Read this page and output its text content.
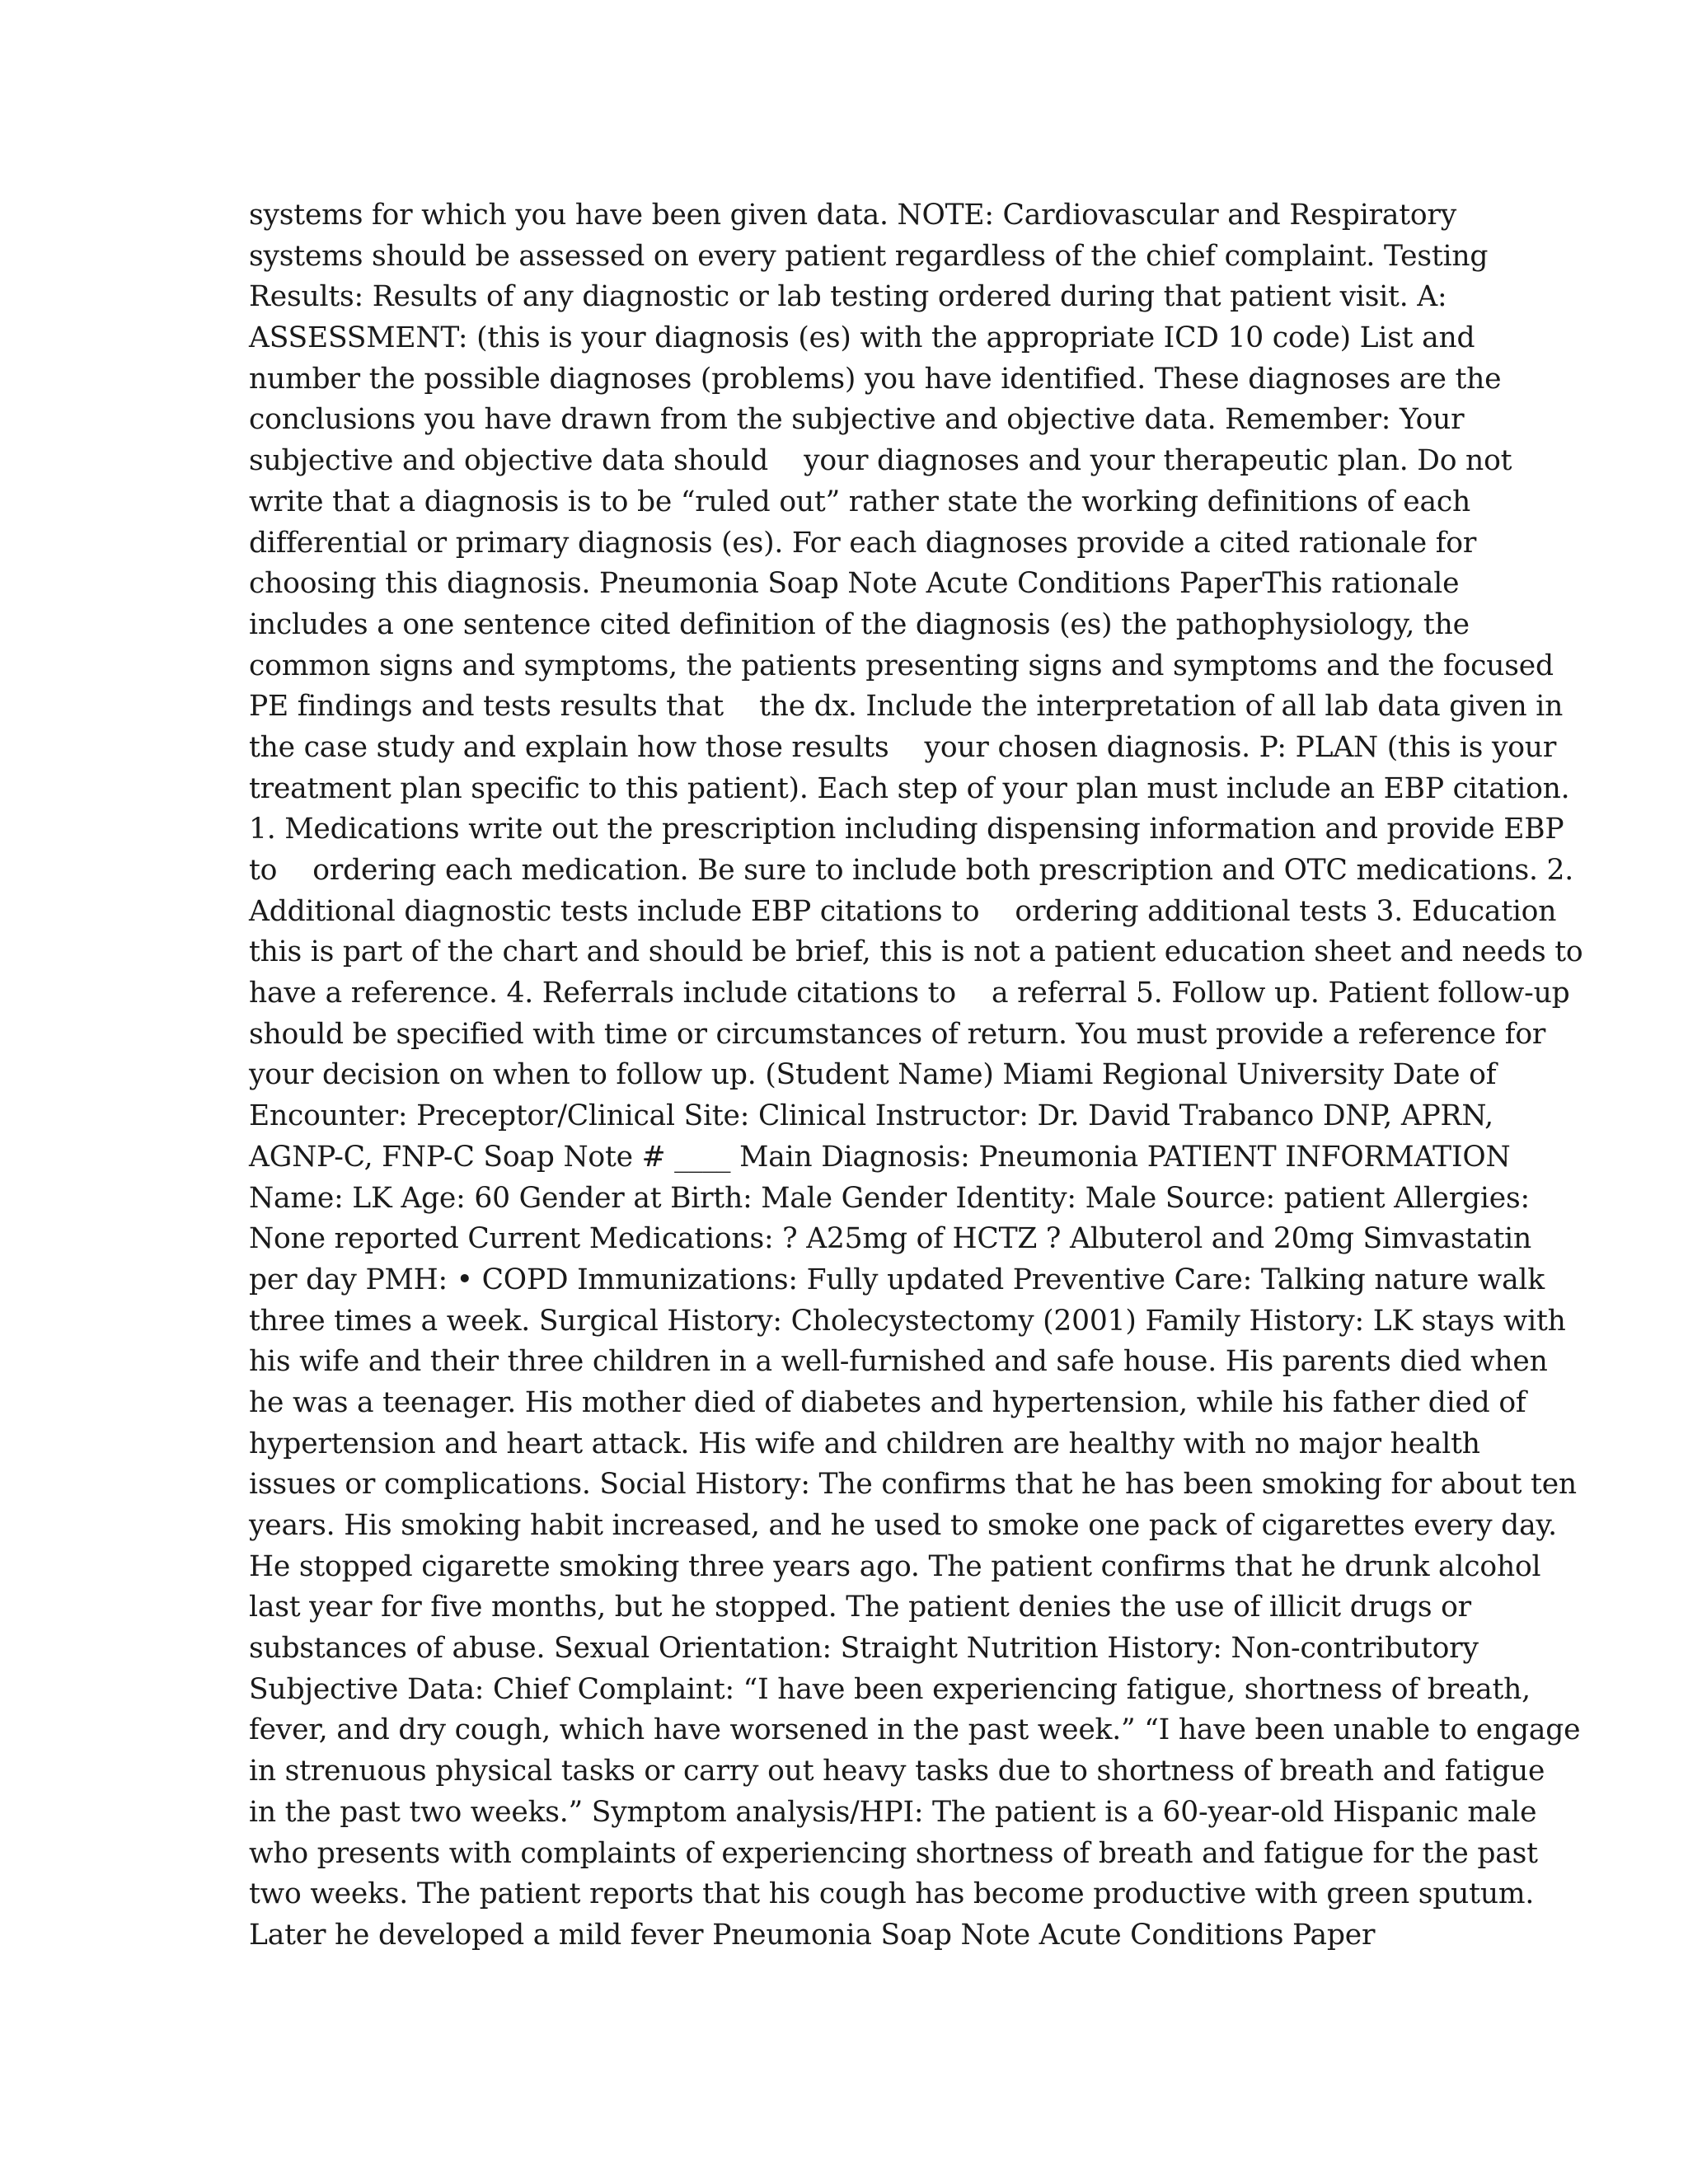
systems for which you have been given data. NOTE: Cardiovascular and Respiratory
systems should be assessed on every patient regardless of the chief complaint. Testing
Results: Results of any diagnostic or lab testing ordered during that patient visit. A:
ASSESSMENT: (this is your diagnosis (es) with the appropriate ICD 10 code) List and
number the possible diagnoses (problems) you have identified. These diagnoses are the
conclusions you have drawn from the subjective and objective data. Remember: Your
subjective and objective data should    your diagnoses and your therapeutic plan. Do not
write that a diagnosis is to be “ruled out” rather state the working definitions of each
differential or primary diagnosis (es). For each diagnoses provide a cited rationale for
choosing this diagnosis. Pneumonia Soap Note Acute Conditions PaperThis rationale
includes a one sentence cited definition of the diagnosis (es) the pathophysiology, the
common signs and symptoms, the patients presenting signs and symptoms and the focused
PE findings and tests results that    the dx. Include the interpretation of all lab data given in
the case study and explain how those results    your chosen diagnosis. P: PLAN (this is your
treatment plan specific to this patient). Each step of your plan must include an EBP citation.
1. Medications write out the prescription including dispensing information and provide EBP
to    ordering each medication. Be sure to include both prescription and OTC medications. 2.
Additional diagnostic tests include EBP citations to    ordering additional tests 3. Education
this is part of the chart and should be brief, this is not a patient education sheet and needs to
have a reference. 4. Referrals include citations to    a referral 5. Follow up. Patient follow-up
should be specified with time or circumstances of return. You must provide a reference for
your decision on when to follow up. (Student Name) Miami Regional University Date of
Encounter: Preceptor/Clinical Site: Clinical Instructor: Dr. David Trabanco DNP, APRN,
AGNP-C, FNP-C Soap Note # ____ Main Diagnosis: Pneumonia PATIENT INFORMATION
Name: LK Age: 60 Gender at Birth: Male Gender Identity: Male Source: patient Allergies:
None reported Current Medications: ? A25mg of HCTZ ? Albuterol and 20mg Simvastatin
per day PMH: • COPD Immunizations: Fully updated Preventive Care: Talking nature walk
three times a week. Surgical History: Cholecystectomy (2001) Family History: LK stays with
his wife and their three children in a well-furnished and safe house. His parents died when
he was a teenager. His mother died of diabetes and hypertension, while his father died of
hypertension and heart attack. His wife and children are healthy with no major health
issues or complications. Social History: The confirms that he has been smoking for about ten
years. His smoking habit increased, and he used to smoke one pack of cigarettes every day.
He stopped cigarette smoking three years ago. The patient confirms that he drunk alcohol
last year for five months, but he stopped. The patient denies the use of illicit drugs or
substances of abuse. Sexual Orientation: Straight Nutrition History: Non-contributory
Subjective Data: Chief Complaint: “I have been experiencing fatigue, shortness of breath,
fever, and dry cough, which have worsened in the past week.” “I have been unable to engage
in strenuous physical tasks or carry out heavy tasks due to shortness of breath and fatigue
in the past two weeks.” Symptom analysis/HPI: The patient is a 60-year-old Hispanic male
who presents with complaints of experiencing shortness of breath and fatigue for the past
two weeks. The patient reports that his cough has become productive with green sputum.
Later he developed a mild fever Pneumonia Soap Note Acute Conditions Paper
